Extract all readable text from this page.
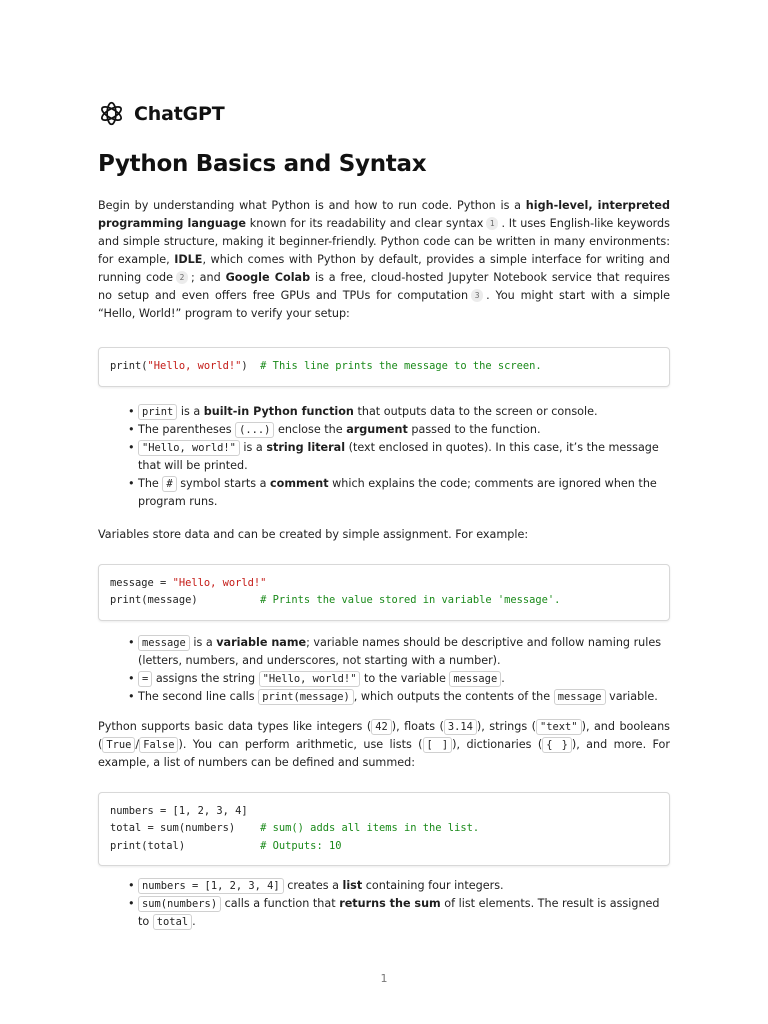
ChatGPT
Python Basics and Syntax

Begin by understanding what Python is and how to run code. Python is a high-level, interpreted programming language known for its readability and clear syntax 1 . It uses English-like keywords and simple structure, making it beginner-friendly. Python code can be written in many environments: for example, IDLE, which comes with Python by default, provides a simple interface for writing and running code 2 ; and Google Colab is a free, cloud-hosted Jupyter Notebook service that requires no setup and even offers free GPUs and TPUs for computation 3 . You might start with a simple “Hello, World!” program to verify your setup:

print("Hello, world!")  # This line prints the message to the screen.
• print is a built-in Python function that outputs data to the screen or console.
• The parentheses (...) enclose the argument passed to the function.
• "Hello, world!" is a string literal (text enclosed in quotes). In this case, it’s the message that will be printed.
• The # symbol starts a comment which explains the code; comments are ignored when the program runs.

Variables store data and can be created by simple assignment. For example:

message = "Hello, world!"
print(message)          # Prints the value stored in variable 'message'.
• message is a variable name; variable names should be descriptive and follow naming rules (letters, numbers, and underscores, not starting with a number).
• = assigns the string "Hello, world!" to the variable message .
• The second line calls print(message) , which outputs the contents of the message variable.

Python supports basic data types like integers ( 42 ), floats ( 3.14 ), strings ( "text" ), and booleans ( True / False ). You can perform arithmetic, use lists ( [ ] ), dictionaries ( { } ), and more. For example, a list of numbers can be defined and summed:

numbers = [1, 2, 3, 4]
total = sum(numbers)    # sum() adds all items in the list.
print(total)            # Outputs: 10
• numbers = [1, 2, 3, 4] creates a list containing four integers.
• sum(numbers) calls a function that returns the sum of list elements. The result is assigned to total .
1
